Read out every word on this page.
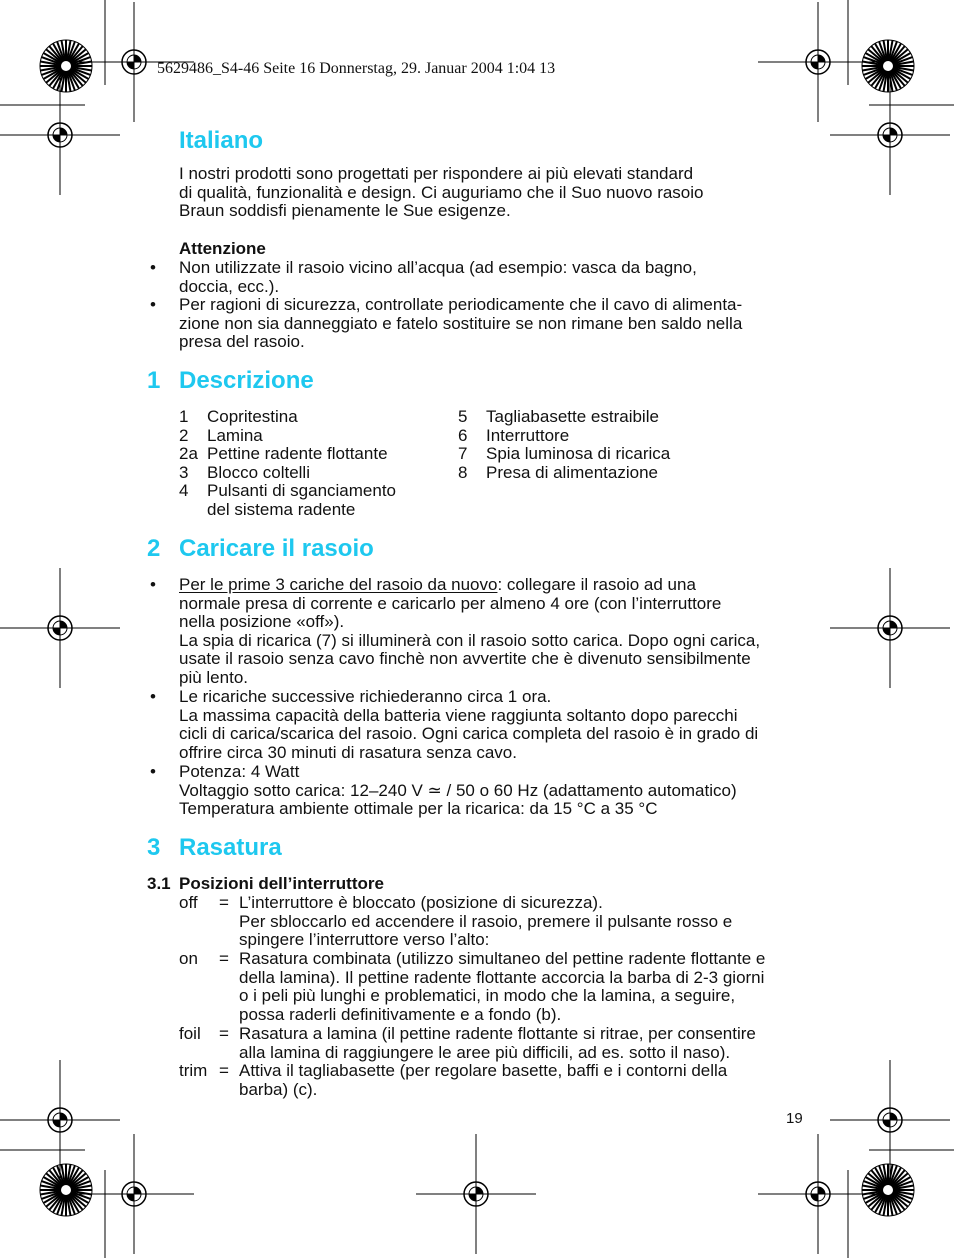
5629486_S4-46 Seite 16 Donnerstag, 29. Januar 2004 1:04 13
Italiano
I nostri prodotti sono progettati per rispondere ai più elevati standard
di qualità, funzionalità e design. Ci auguriamo che il Suo nuovo rasoio
Braun soddisfi pienamente le Sue esigenze.
Attenzione
• Non utilizzate il rasoio vicino all’acqua (ad esempio: vasca da bagno,
doccia, ecc.).
• Per ragioni di sicurezza, controllate periodicamente che il cavo di alimenta-
zione non sia danneggiato e fatelo sostituire se non rimane ben saldo nella
presa del rasoio.
1 Descrizione
1 Copritestina
2 Lamina
2a Pettine radente flottante
3 Blocco coltelli
4 Pulsanti di sganciamento
del sistema radente
5 Tagliabasette estraibile
6 Interruttore
7 Spia luminosa di ricarica
8 Presa di alimentazione
2 Caricare il rasoio
• Per le prime 3 cariche del rasoio da nuovo: collegare il rasoio ad una
normale presa di corrente e caricarlo per almeno 4 ore (con l’interruttore
nella posizione «off»).
La spia di ricarica (7) si illuminerà con il rasoio sotto carica. Dopo ogni carica,
usate il rasoio senza cavo finchè non avvertite che è divenuto sensibilmente
più lento.
• Le ricariche successive richiederanno circa 1 ora.
La massima capacità della batteria viene raggiunta soltanto dopo parecchi
cicli di carica/scarica del rasoio. Ogni carica completa del rasoio è in grado di
offrire circa 30 minuti di rasatura senza cavo.
• Potenza: 4 Watt
Voltaggio sotto carica: 12–240 V ≃ / 50 o 60 Hz (adattamento automatico)
Temperatura ambiente ottimale per la ricarica: da 15 °C a 35 °C
3 Rasatura
3.1 Posizioni dell’interruttore
off = L’interruttore è bloccato (posizione di sicurezza).
Per sbloccarlo ed accendere il rasoio, premere il pulsante rosso e
spingere l’interruttore verso l’alto:
on = Rasatura combinata (utilizzo simultaneo del pettine radente flottante e
della lamina). Il pettine radente flottante accorcia la barba di 2-3 giorni
o i peli più lunghi e problematici, in modo che la lamina, a seguire,
possa raderli definitivamente e a fondo (b).
foil = Rasatura a lamina (il pettine radente flottante si ritrae, per consentire
alla lamina di raggiungere le aree più difficili, ad es. sotto il naso).
trim = Attiva il tagliabasette (per regolare basette, baffi e i contorni della
barba) (c).
19
